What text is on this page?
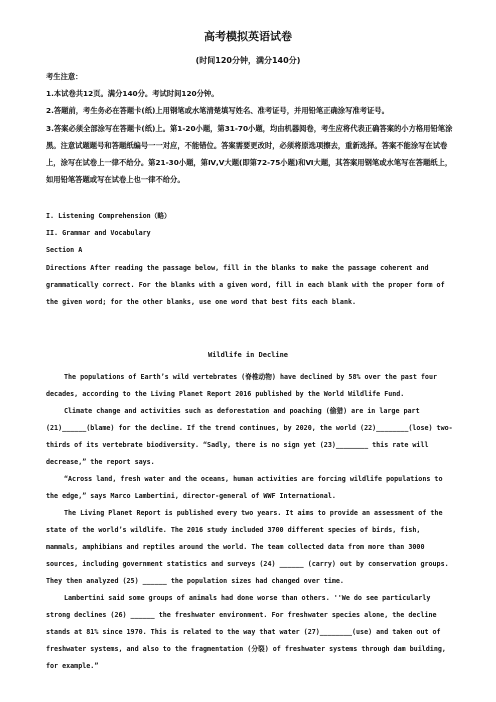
高考模拟英语试卷
(时间120分钟，满分140分)

考生注意：

1.本试卷共12页。满分140分。考试时间120分钟。

2.答题前，考生务必在答题卡(纸)上用钢笔或水笔清楚填写姓名、准考证号，并用铅笔正确涂写准考证号。

3.答案必须全部涂写在答题卡(纸)上。第1-20小题，第31-70小题，均由机器阅卷，考生应将代表正确答案的小方格用铅笔涂黑。注意试题题号和答题纸编号一一对应，不能错位。答案需要更改时，必须将原选项擦去，重新选择。答案不能涂写在试卷上，涂写在试卷上一律不给分。第21-30小题，第Ⅳ,Ⅴ大题(即第72-75小题)和Ⅵ大题，其答案用钢笔或水笔写在答题纸上，如用铅笔答题或写在试卷上也一律不给分。

I. Listening Comprehension（略）

II. Grammar and Vocabulary

Section A

Directions After reading the passage below, fill in the blanks to make the passage coherent and grammatically correct. For the blanks with a given word, fill in each blank with the proper form of the given word; for the other blanks, use one word that best fits each blank.

Wildlife in Decline

The populations of Earth’s wild vertebrates (脊椎动物) have declined by 58% over the past four decades, according to the Living Planet Report 2016 published by the World Wildlife Fund.

Climate change and activities such as deforestation and poaching (偷猎) are in large part (21)______(blame) for the decline. If the trend continues, by 2020, the world (22)________(lose) two-thirds of its vertebrate biodiversity. “Sadly, there is no sign yet (23)________ this rate will decrease,” the report says.

“Across land, fresh water and the oceans, human activities are forcing wildlife populations to the edge,” says Marco Lambertini, director-general of WWF International.

The Living Planet Report is published every two years. It aims to provide an assessment of the state of the world’s wildlife. The 2016 study included 3700 different species of birds, fish, mammals, amphibians and reptiles around the world. The team collected data from more than 3000 sources, including government statistics and surveys (24) ______ (carry) out by conservation groups. They then analyzed (25) ______ the population sizes had changed over time.

Lambertini said some groups of animals had done worse than others. ''We do see particularly strong declines (26) ______ the freshwater environment. For freshwater species alone, the decline stands at 81% since 1970. This is related to the way that water (27)________(use) and taken out of freshwater systems, and also to the fragmentation (分裂) of freshwater systems through dam building, for example.”
